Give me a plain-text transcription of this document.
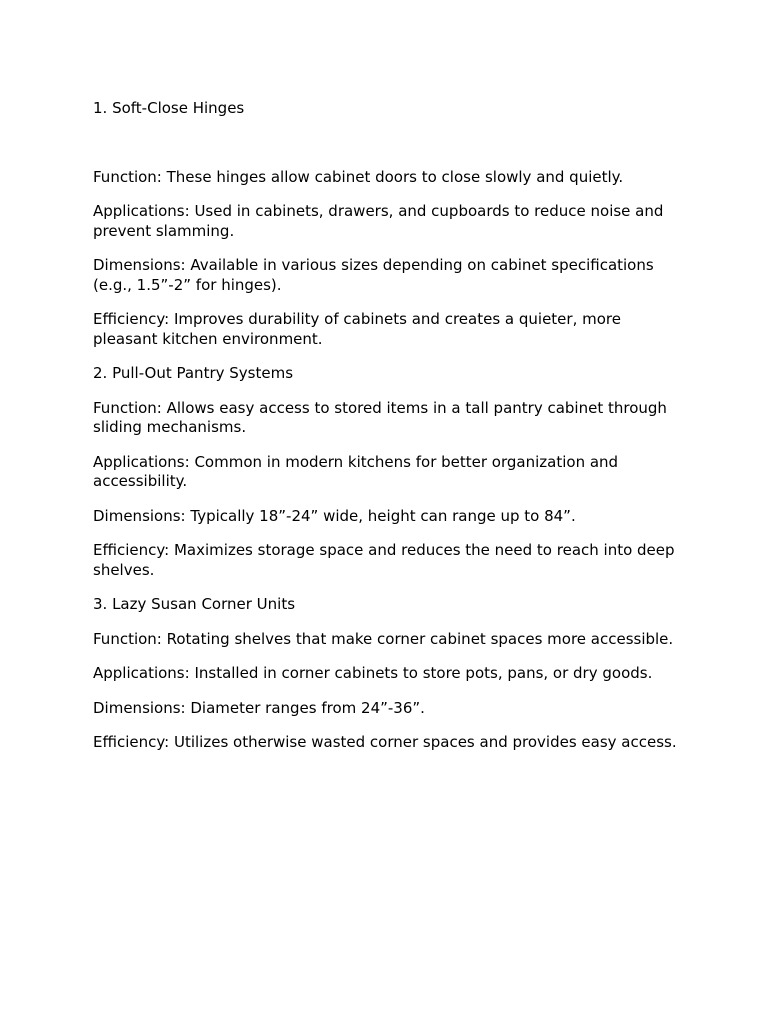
1. Soft-Close Hinges

Function: These hinges allow cabinet doors to close slowly and quietly.

Applications: Used in cabinets, drawers, and cupboards to reduce noise and prevent slamming.

Dimensions: Available in various sizes depending on cabinet specifications (e.g., 1.5”-2” for hinges).

Efficiency: Improves durability of cabinets and creates a quieter, more pleasant kitchen environment.

2. Pull-Out Pantry Systems

Function: Allows easy access to stored items in a tall pantry cabinet through sliding mechanisms.

Applications: Common in modern kitchens for better organization and accessibility.

Dimensions: Typically 18”-24” wide, height can range up to 84”.

Efficiency: Maximizes storage space and reduces the need to reach into deep shelves.

3. Lazy Susan Corner Units

Function: Rotating shelves that make corner cabinet spaces more accessible.

Applications: Installed in corner cabinets to store pots, pans, or dry goods.

Dimensions: Diameter ranges from 24”-36”.

Efficiency: Utilizes otherwise wasted corner spaces and provides easy access.
